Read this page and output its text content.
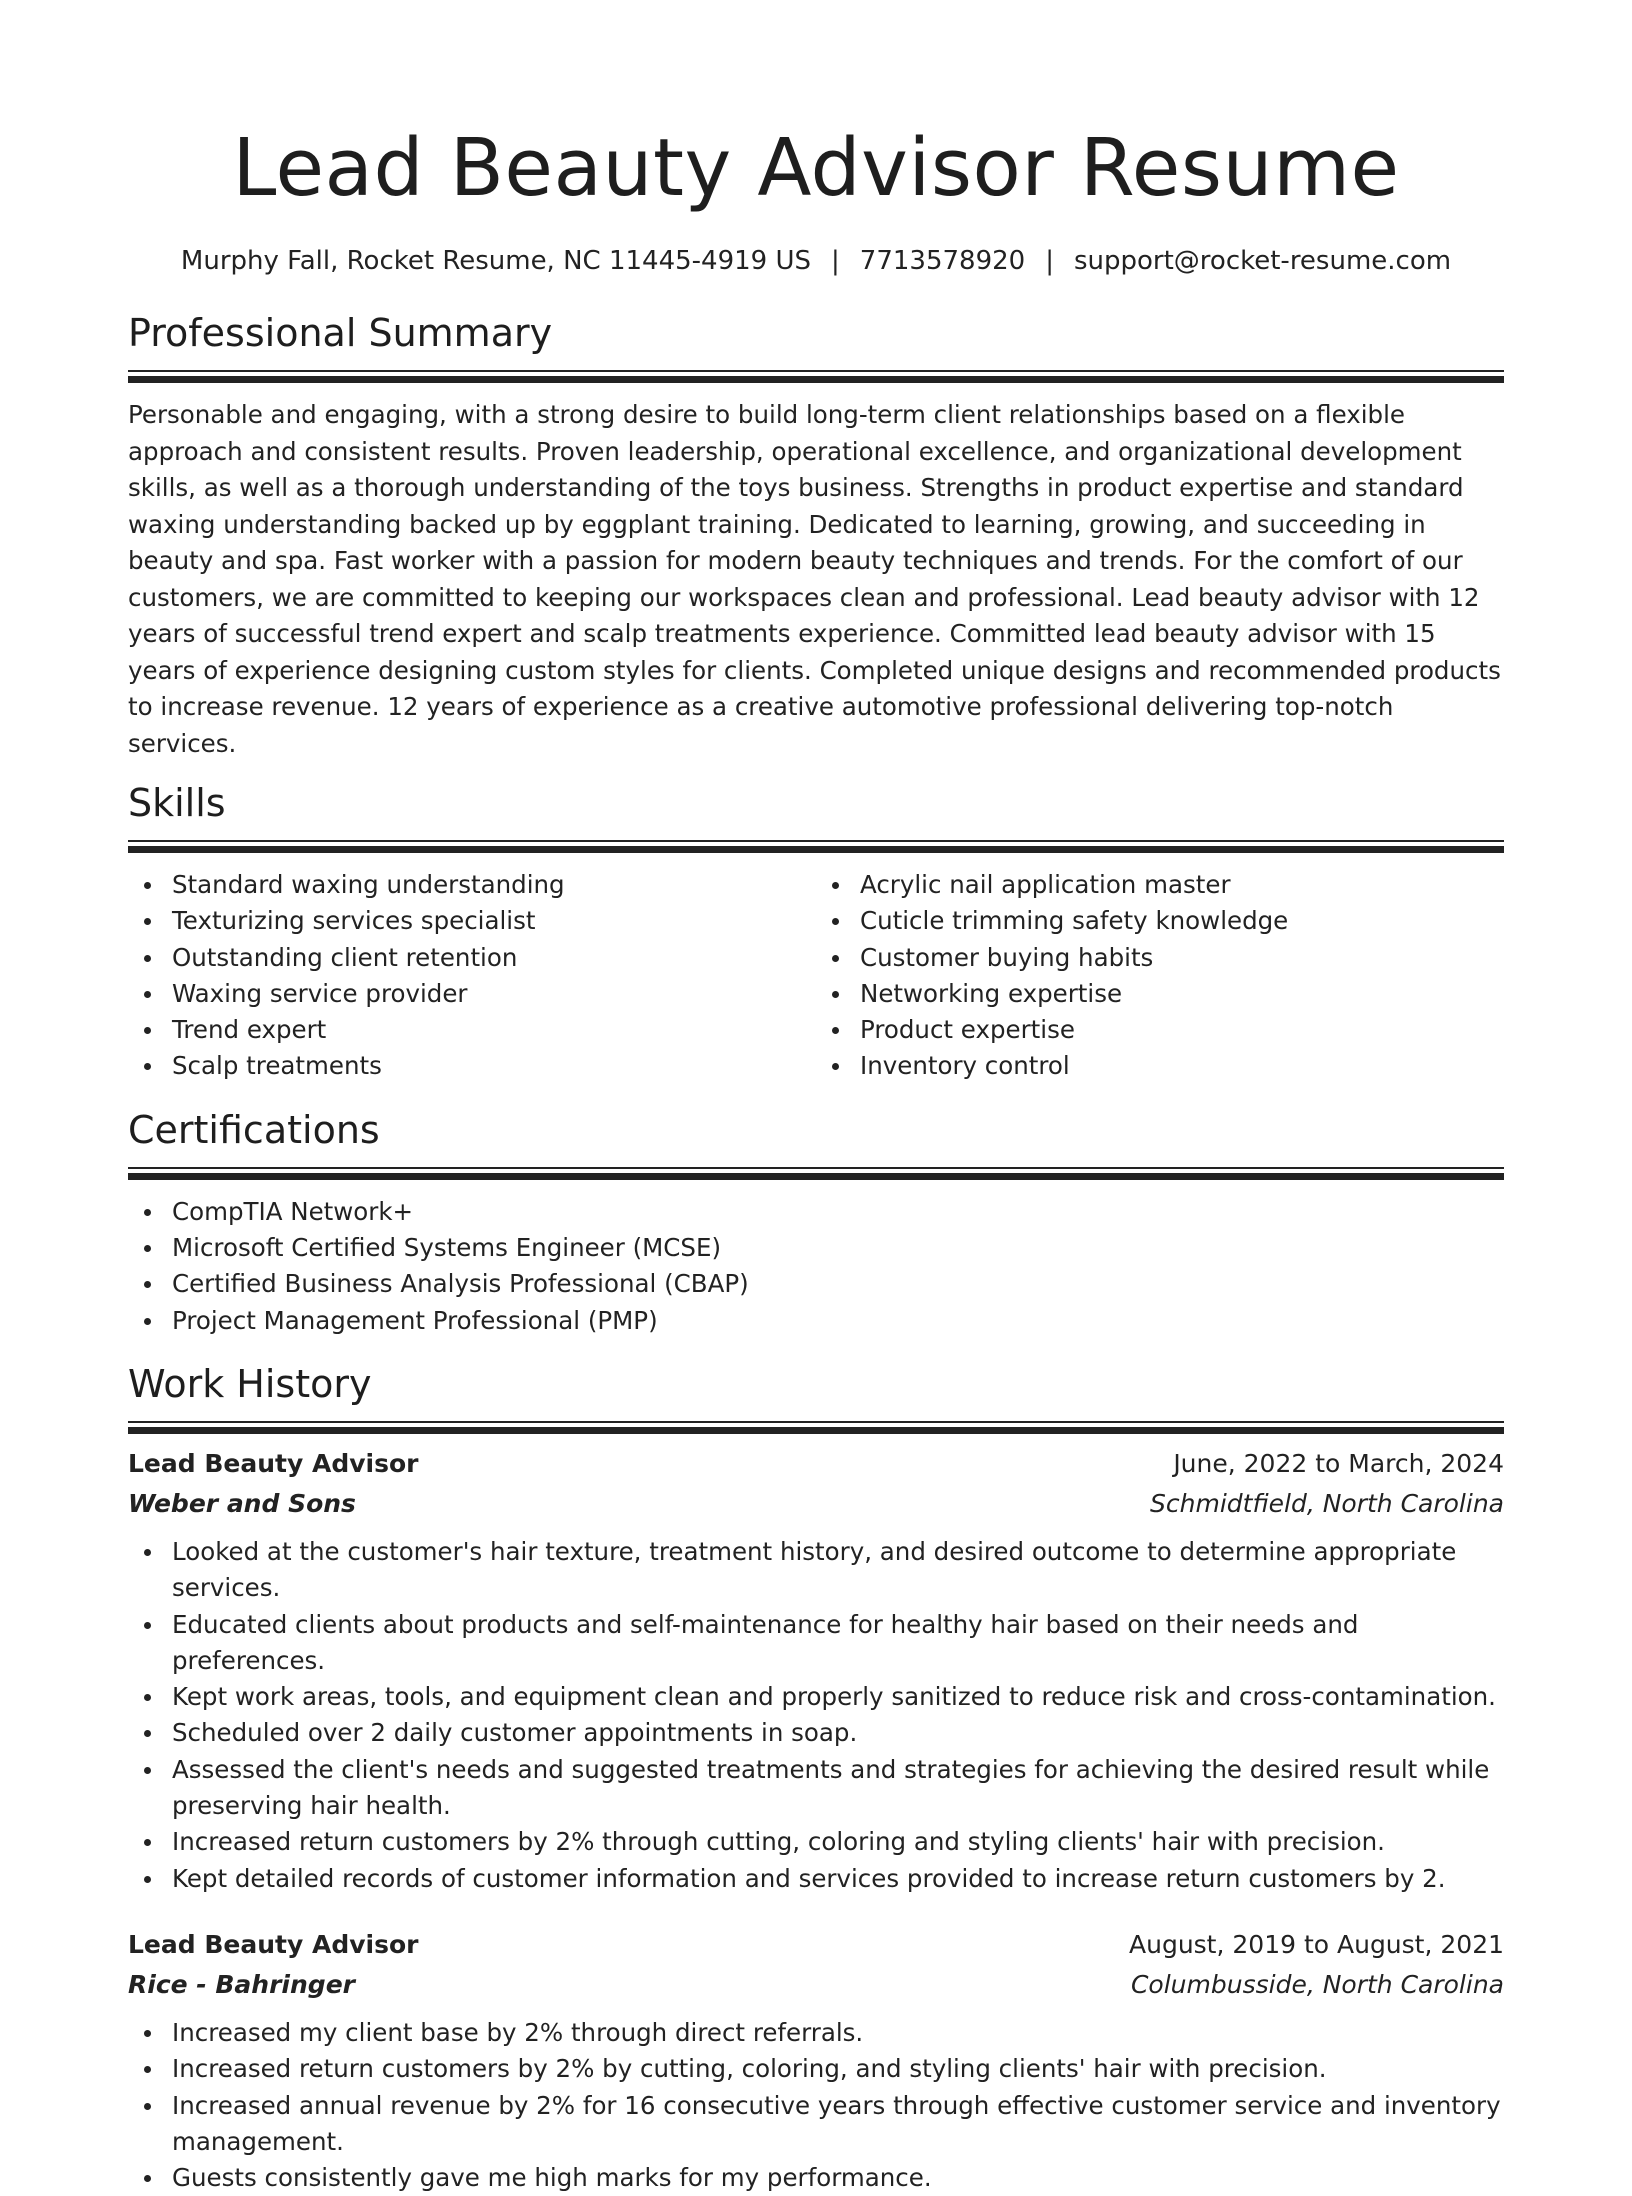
Lead Beauty Advisor Resume
Murphy Fall, Rocket Resume, NC 11445-4919 US | 7713578920 | support@rocket-resume.com
Professional Summary

Personable and engaging, with a strong desire to build long-term client relationships based on a flexible approach and consistent results. Proven leadership, operational excellence, and organizational development skills, as well as a thorough understanding of the toys business. Strengths in product expertise and standard waxing understanding backed up by eggplant training. Dedicated to learning, growing, and succeeding in beauty and spa. Fast worker with a passion for modern beauty techniques and trends. For the comfort of our customers, we are committed to keeping our workspaces clean and professional. Lead beauty advisor with 12 years of successful trend expert and scalp treatments experience. Committed lead beauty advisor with 15 years of experience designing custom styles for clients. Completed unique designs and recommended products to increase revenue. 12 years of experience as a creative automotive professional delivering top-notch services.

Skills
Standard waxing understanding
Texturizing services specialist
Outstanding client retention
Waxing service provider
Trend expert
Scalp treatments
Acrylic nail application master
Cuticle trimming safety knowledge
Customer buying habits
Networking expertise
Product expertise
Inventory control
Certifications
CompTIA Network+
Microsoft Certified Systems Engineer (MCSE)
Certified Business Analysis Professional (CBAP)
Project Management Professional (PMP)
Work History
Lead Beauty Advisor	June, 2022 to March, 2024
Weber and Sons	Schmidtfield, North Carolina
Looked at the customer's hair texture, treatment history, and desired outcome to determine appropriate services.
Educated clients about products and self-maintenance for healthy hair based on their needs and preferences.
Kept work areas, tools, and equipment clean and properly sanitized to reduce risk and cross-contamination.
Scheduled over 2 daily customer appointments in soap.
Assessed the client's needs and suggested treatments and strategies for achieving the desired result while preserving hair health.
Increased return customers by 2% through cutting, coloring and styling clients' hair with precision.
Kept detailed records of customer information and services provided to increase return customers by 2.
Lead Beauty Advisor	August, 2019 to August, 2021
Rice - Bahringer	Columbusside, North Carolina
Increased my client base by 2% through direct referrals.
Increased return customers by 2% by cutting, coloring, and styling clients' hair with precision.
Increased annual revenue by 2% for 16 consecutive years through effective customer service and inventory management.
Guests consistently gave me high marks for my performance.
